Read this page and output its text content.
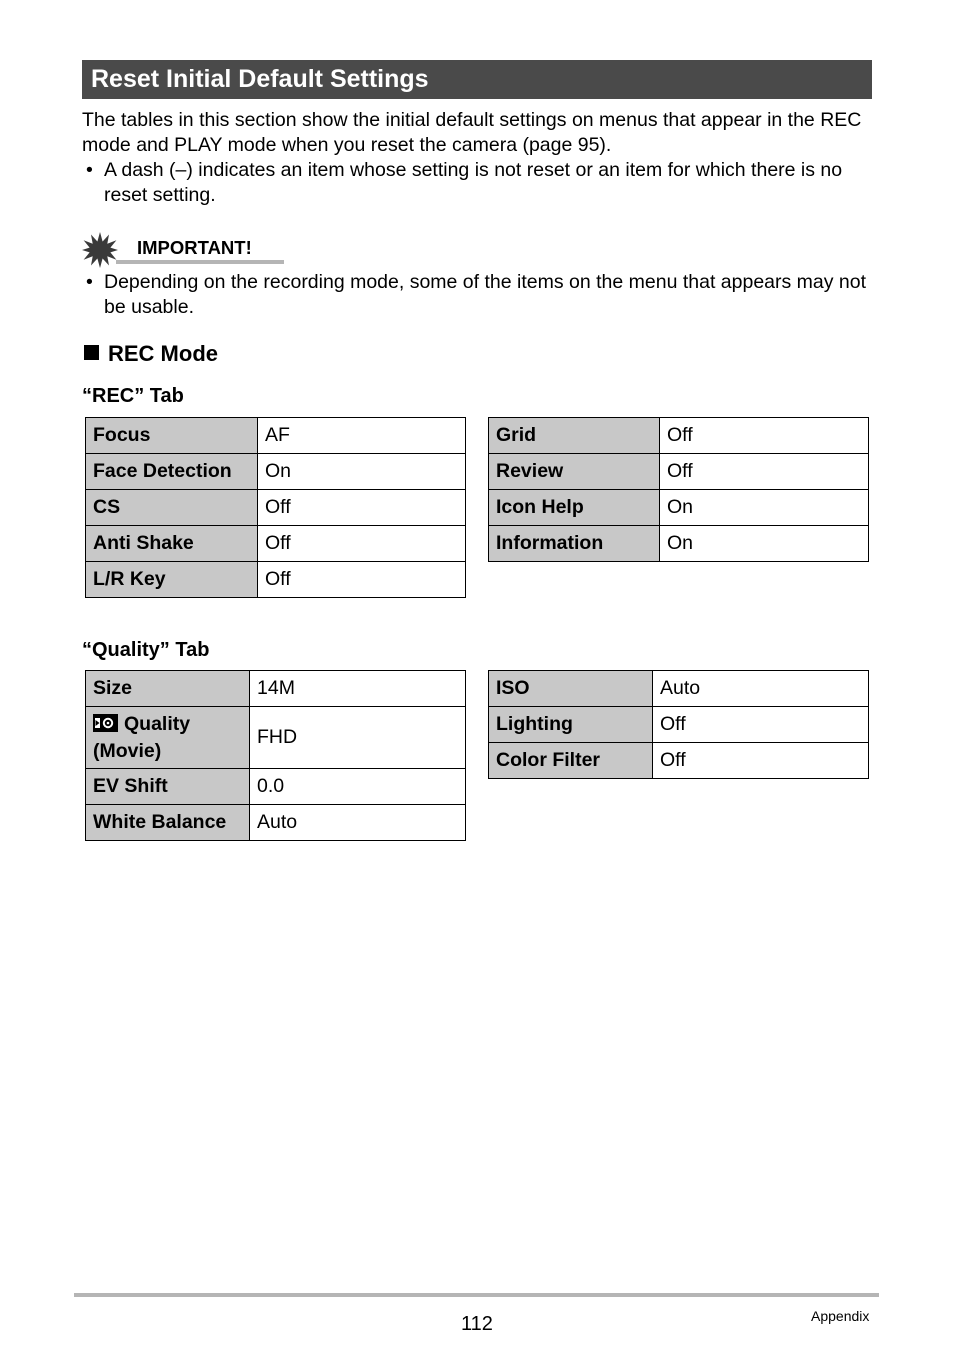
Reset Initial Default Settings
The tables in this section show the initial default settings on menus that appear in the REC mode and PLAY mode when you reset the camera (page 95).
• A dash (–) indicates an item whose setting is not reset or an item for which there is no reset setting.
IMPORTANT!
• Depending on the recording mode, some of the items on the menu that appears may not be usable.
REC Mode
“REC” Tab
Focus	AF
Face Detection	On
CS	Off
Anti Shake	Off
L/R Key	Off
Grid	Off
Review	Off
Icon Help	On
Information	On
“Quality” Tab
Size	14M
Quality
(Movie)	FHD
EV Shift	0.0
White Balance	Auto
ISO	Auto
Lighting	Off
Color Filter	Off
112	Appendix
